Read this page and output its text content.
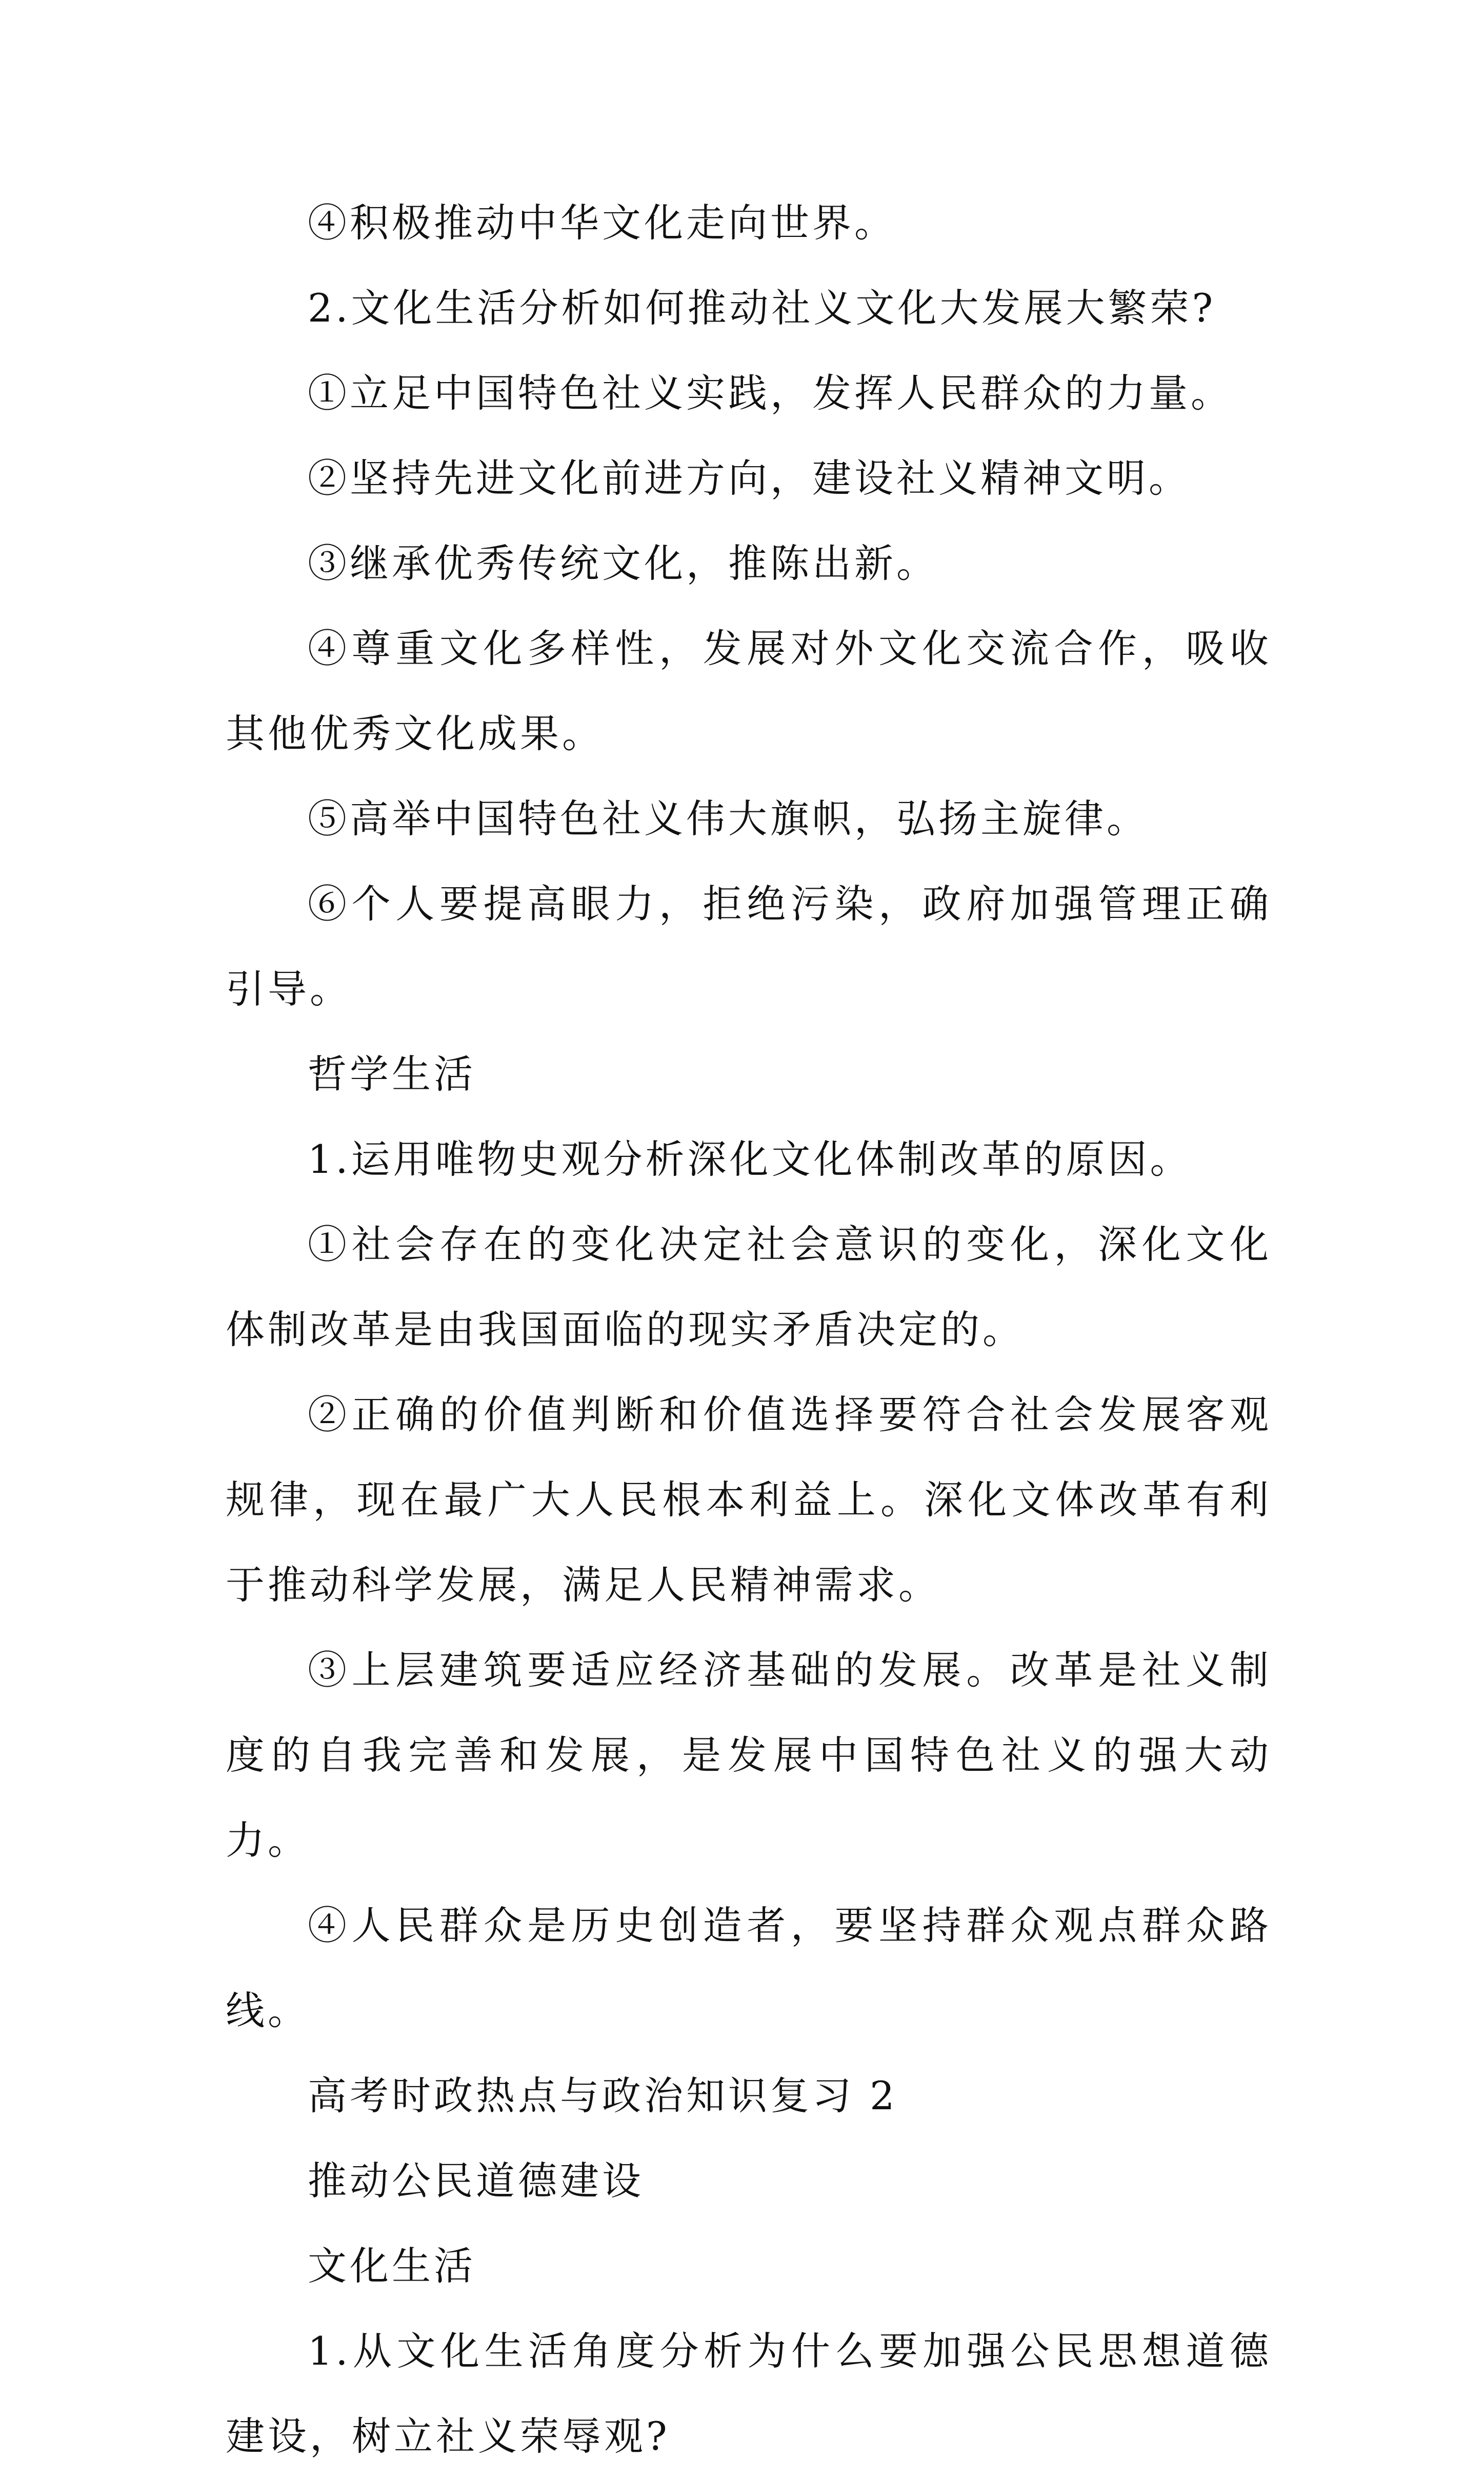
④积极推动中华文化走向世界。

2.文化生活分析如何推动社义文化大发展大繁荣?

①立足中国特色社义实践，发挥人民群众的力量。

②坚持先进文化前进方向，建设社义精神文明。

③继承优秀传统文化，推陈出新。

④尊重文化多样性，发展对外文化交流合作，吸收其他优秀文化成果。

⑤高举中国特色社义伟大旗帜，弘扬主旋律。

⑥个人要提高眼力，拒绝污染，政府加强管理正确引导。

哲学生活

1.运用唯物史观分析深化文化体制改革的原因。

①社会存在的变化决定社会意识的变化，深化文化体制改革是由我国面临的现实矛盾决定的。

②正确的价值判断和价值选择要符合社会发展客观规律，现在最广大人民根本利益上。深化文体改革有利于推动科学发展，满足人民精神需求。

③上层建筑要适应经济基础的发展。改革是社义制度的自我完善和发展，是发展中国特色社义的强大动力。

④人民群众是历史创造者，要坚持群众观点群众路线。

高考时政热点与政治知识复习 2

推动公民道德建设

文化生活

1.从文化生活角度分析为什么要加强公民思想道德建设，树立社义荣辱观?
